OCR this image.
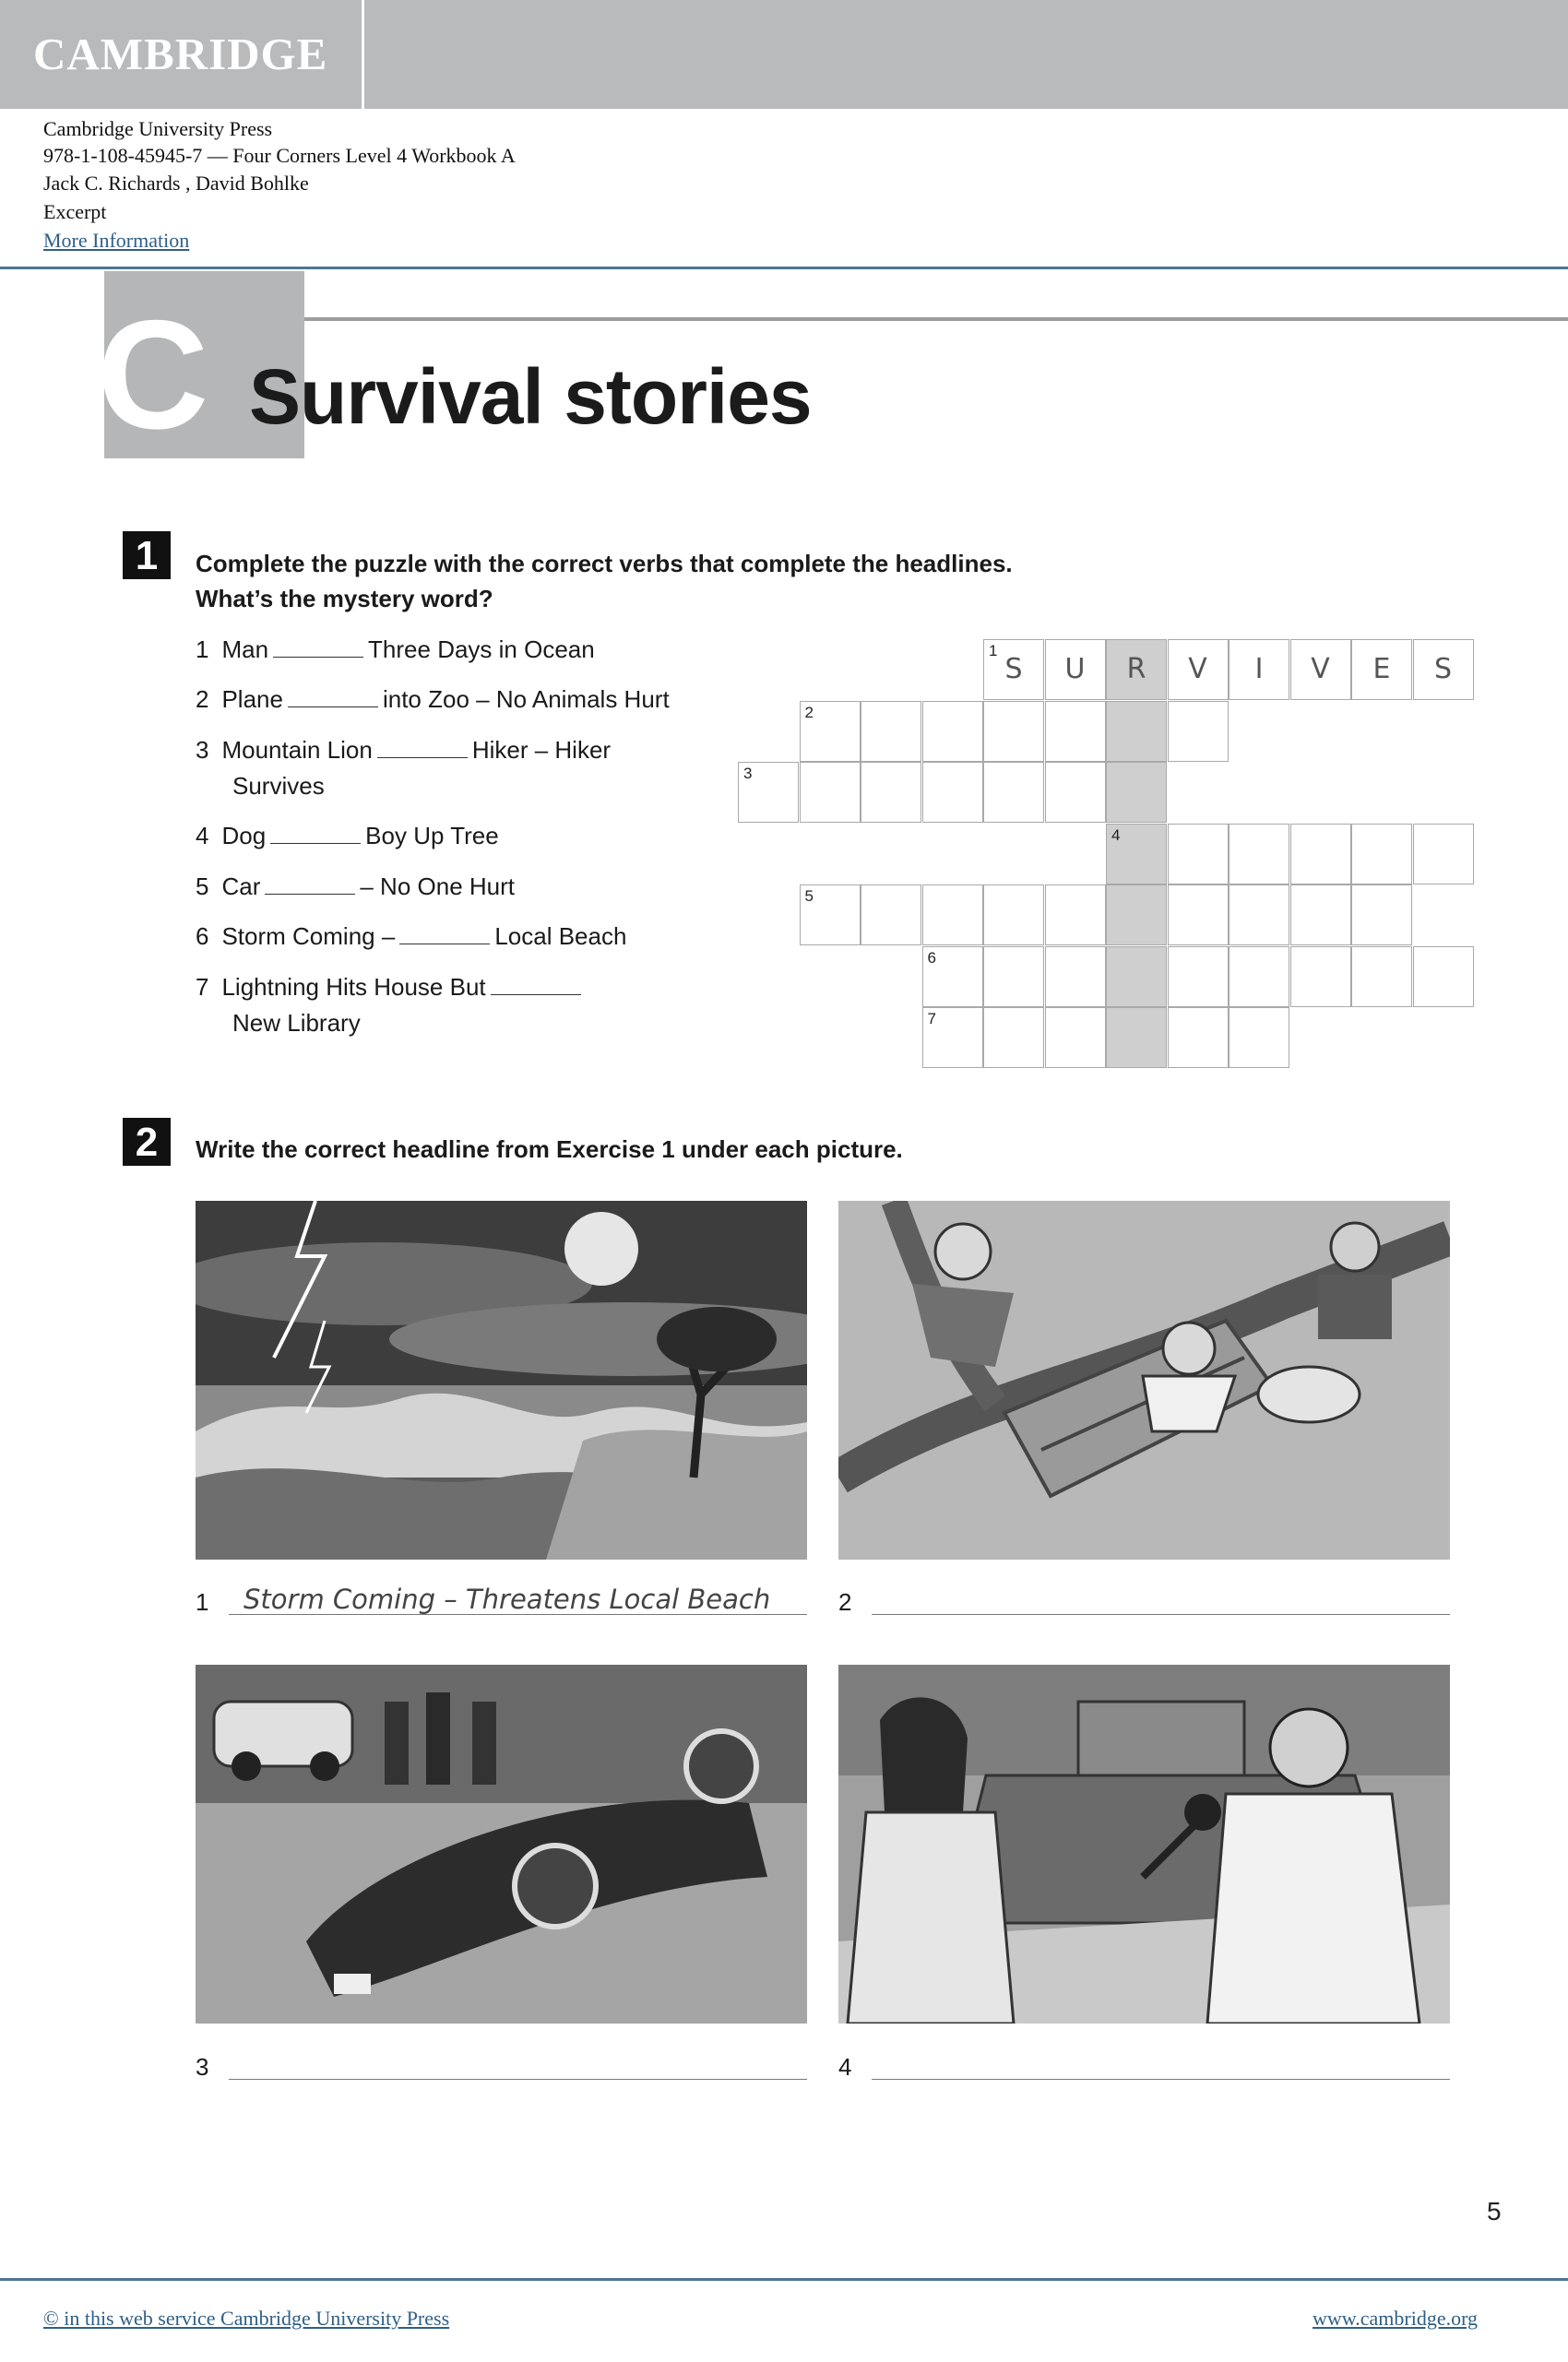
CAMBRIDGE
Cambridge University Press
978-1-108-45945-7 — Four Corners Level 4 Workbook A
Jack C. Richards , David Bohlke
Excerpt
More Information
C Survival stories
1	Complete the puzzle with the correct verbs that complete the headlines.
What’s the mystery word?
1 Man	Three Days in Ocean
2 Plane	into Zoo – No Animals Hurt
3 Mountain Lion	Hiker – Hiker
Survives
4 Dog	Boy Up Tree
5 Car	– No One Hurt
6 Storm Coming –	Local Beach
7 Lightning Hits House But
New Library
1
S	U	R	V	I	V	E	S
2
3
4
5
6
7
2	Write the correct headline from Exercise 1 under each picture.
1 Storm Coming – Threatens Local Beach	2
3	4
5
© in this web service Cambridge University Press	www.cambridge.org
